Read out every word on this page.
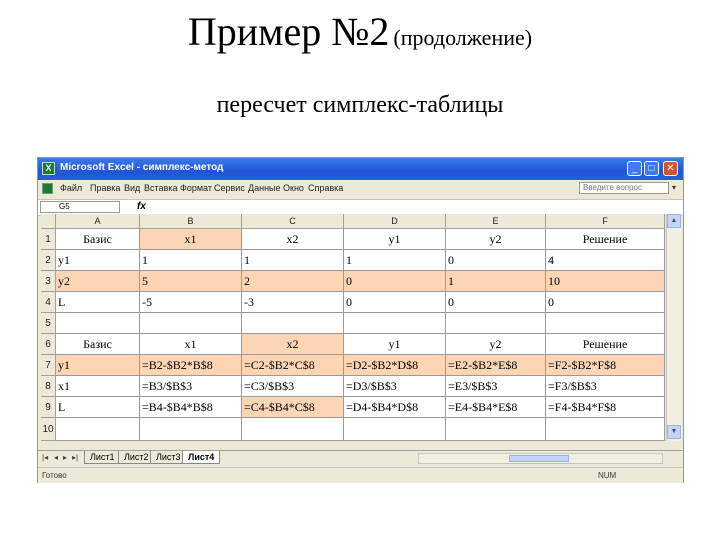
Пример №2 (продолжение)
пересчет симплекс-таблицы
X Microsoft Excel - симплекс-метод	_	□	✕
Файл Правка Вид Вставка Формат Сервис Данные Окно Справка	Введите вопрос	▾
G5	fx
A	B	C	D	E	F
1	Базис	x1	x2	y1	y2	Решение
2 y1	1	1	1	0	4
3 y2	5	2	0	1	10
4 L	-5	-3	0	0	0
5
6	Базис	x1	x2	y1	y2	Решение
7 y1	=B2-$B2*B$8	=C2-$B2*C$8	=D2-$B2*D$8	=E2-$B2*E$8	=F2-$B2*F$8
8 x1	=B3/$B$3	=C3/$B$3	=D3/$B$3	=E3/$B$3	=F3/$B$3
9 L	=B4-$B4*B$8	=C4-$B4*C$8	=D4-$B4*D$8	=E4-$B4*E$8	=F4-$B4*F$8
10
▲
▼
|◂ ◂ ▸ ▸|	Лист1	Лист2 Лист3 Лист4
Готово	NUM
